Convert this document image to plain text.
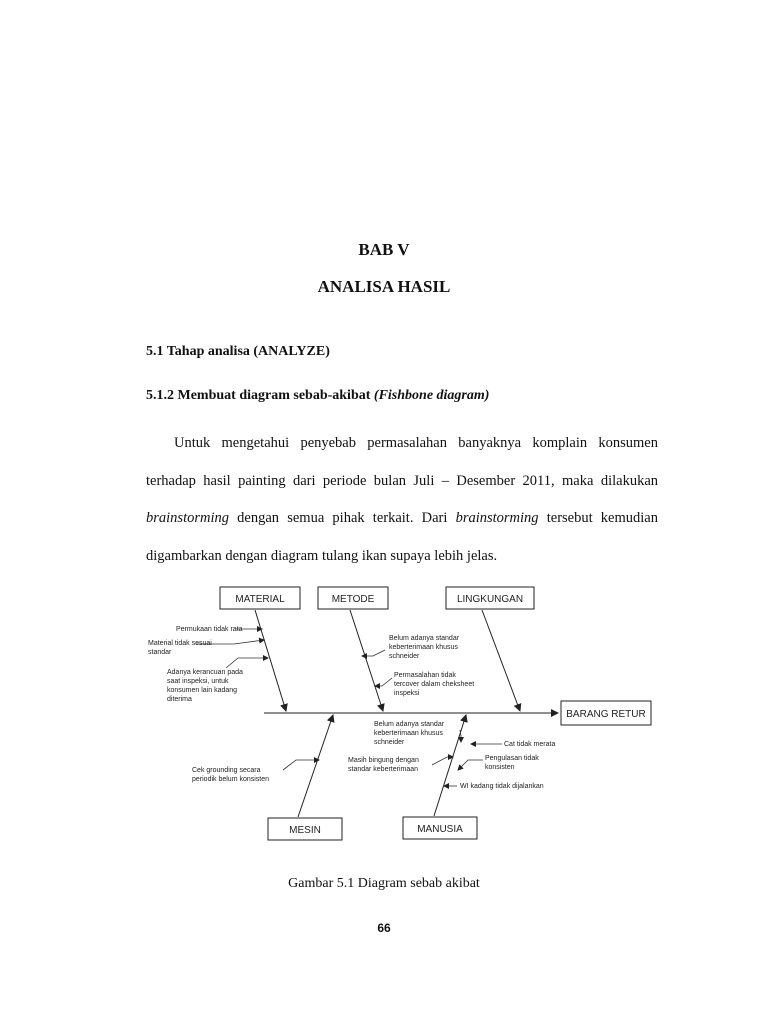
BAB V
ANALISA HASIL
5.1 Tahap analisa (ANALYZE)
5.1.2 Membuat diagram sebab-akibat (Fishbone diagram)
Untuk mengetahui penyebab permasalahan banyaknya komplain konsumen
terhadap hasil painting dari periode bulan Juli – Desember 2011, maka dilakukan
brainstorming dengan semua pihak terkait. Dari brainstorming tersebut kemudian
digambarkan dengan diagram tulang ikan supaya lebih jelas.
BARANG RETUR
MATERIAL	METODE	LINGKUNGAN
MESIN	MANUSIA
Permukaan tidak rata
Material tidak sesuai
standar
Adanya kerancuan pada
saat inspeksi, untuk
konsumen lain kadang
diterima
Belum adanya standar
keberterimaan khusus
schneider
Permasalahan tidak
tercover dalam cheksheet
inspeksi
Cek grounding secara
periodik belum konsisten
Belum adanya standar
keberterimaan khusus
schneider
Masih bingung dengan
standar keberterimaan
Cat tidak merata
Pengulasan tidak
konsisten
WI kadang tidak dijalankan
Gambar 5.1 Diagram sebab akibat
66
